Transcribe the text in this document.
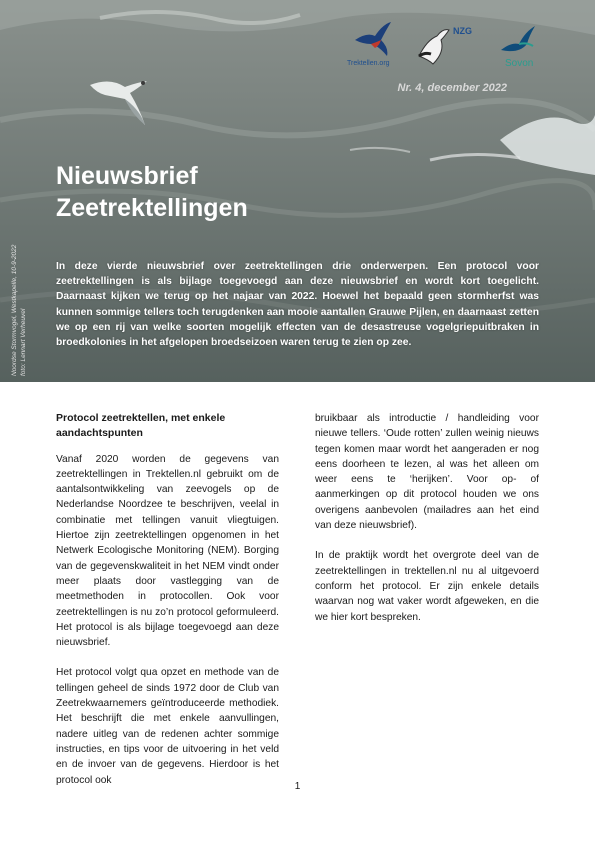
Trektellen.org
NZG
Sovon
Nr. 4, december 2022
Nieuwsbrief
Zeetrektellingen
In deze vierde nieuwsbrief over zeetrektellingen drie onderwerpen. Een protocol voor zeetrektellingen is als bijlage toegevoegd aan deze nieuwsbrief en wordt kort toegelicht. Daarnaast kijken we terug op het najaar van 2022. Hoewel het bepaald geen stormherfst was kunnen sommige tellers toch terugdenken aan mooie aantallen Grauwe Pijlen, en daarnaast zetten we op een rij van welke soorten mogelijk effecten van de desastreuse vogelgriepuitbraken in broedkolonies in het afgelopen broedseizoen waren terug te zien op zee.
Noordse Stormvogel, Westkapelle, 10-9-2022 foto: Lennart Verheuvel
Protocol zeetrektellen, met enkele aandachtspunten

Vanaf 2020 worden de gegevens van zeetrektellingen in Trektellen.nl gebruikt om de aantalsontwikkeling van zeevogels op de Nederlandse Noordzee te beschrijven, veelal in combinatie met tellingen vanuit vliegtuigen. Hiertoe zijn zeetrektellingen opgenomen in het Netwerk Ecologische Monitoring (NEM). Borging van de gegevenskwaliteit in het NEM vindt onder meer plaats door vastlegging van de meetmethoden in protocollen. Ook voor zeetrektellingen is nu zo’n protocol geformuleerd. Het protocol is als bijlage toegevoegd aan deze nieuwsbrief.

Het protocol volgt qua opzet en methode van de tellingen geheel de sinds 1972 door de Club van Zeetrekwaarnemers geïntroduceerde methodiek. Het beschrijft die met enkele aanvullingen, nadere uitleg van de redenen achter sommige instructies, en tips voor de uitvoering in het veld en de invoer van de gegevens. Hierdoor is het protocol ook

bruikbaar als introductie / handleiding voor nieuwe tellers. ‘Oude rotten’ zullen weinig nieuws tegen komen maar wordt het aangeraden er nog eens doorheen te lezen, al was het alleen om weer eens te ‘herijken’. Voor op- of aanmerkingen op dit protocol houden we ons overigens aanbevolen (mailadres aan het eind van deze nieuwsbrief).

In de praktijk wordt het overgrote deel van de zeetrektellingen in trektellen.nl nu al uitgevoerd conform het protocol. Er zijn enkele details waarvan nog wat vaker wordt afgeweken, en die we hier kort bespreken.

1
